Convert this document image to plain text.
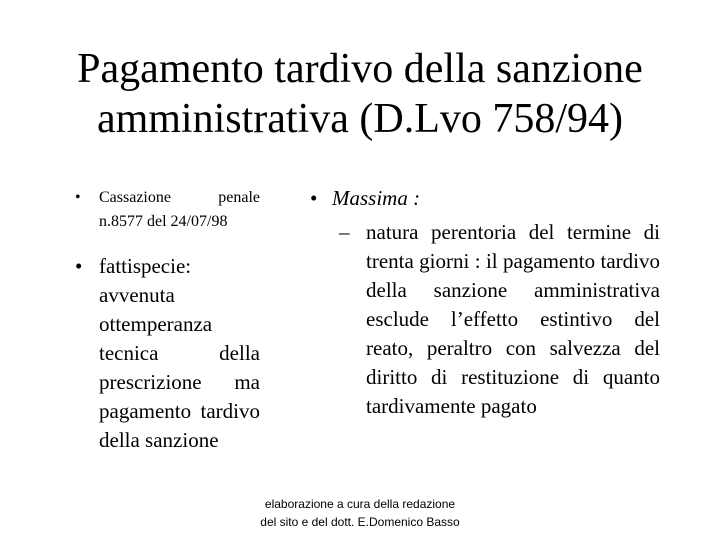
Pagamento tardivo della sanzione
amministrativa (D.Lvo 758/94)
• Cassazione penale n.8577 del 24/07/98
• fattispecie: avvenuta ottemperanza tecnica della prescrizione ma pagamento tardivo della sanzione
• Massima :
– natura perentoria del termine di trenta giorni : il pagamento tardivo della sanzione amministrativa esclude l’effetto estintivo del reato, peraltro con salvezza del diritto di restituzione di quanto tardivamente pagato
elaborazione a cura della redazione
del sito e del dott. E.Domenico Basso
